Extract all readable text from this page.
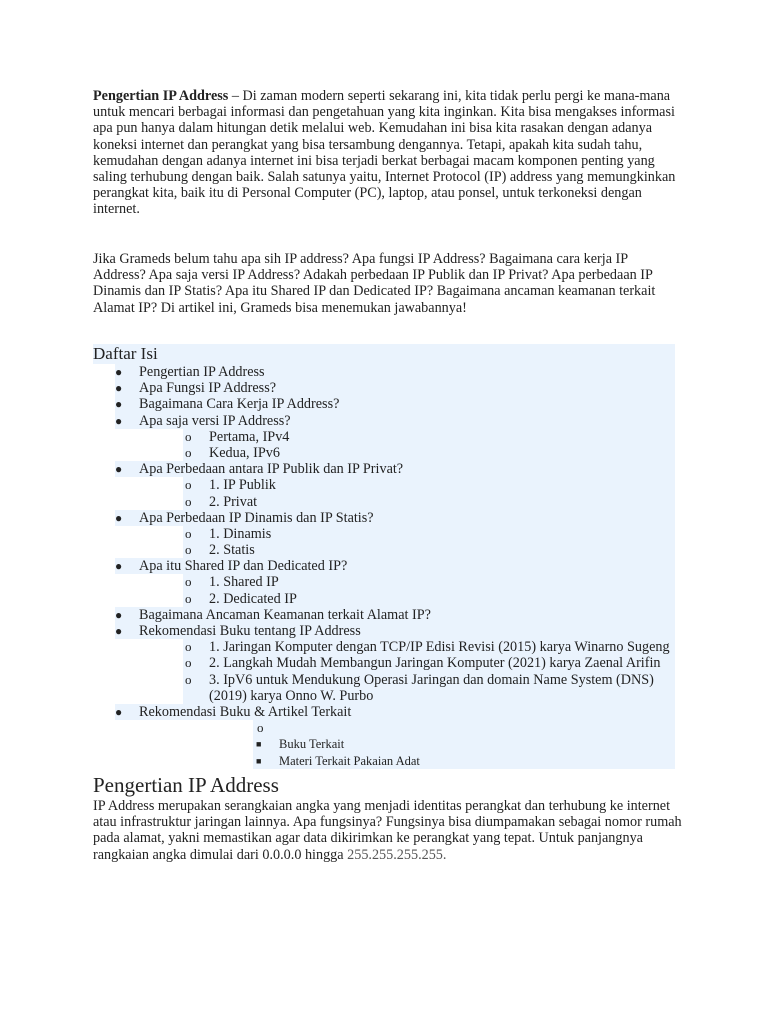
Pengertian IP Address – Di zaman modern seperti sekarang ini, kita tidak perlu pergi ke mana-mana untuk mencari berbagai informasi dan pengetahuan yang kita inginkan. Kita bisa mengakses informasi apa pun hanya dalam hitungan detik melalui web. Kemudahan ini bisa kita rasakan dengan adanya koneksi internet dan perangkat yang bisa tersambung dengannya. Tetapi, apakah kita sudah tahu, kemudahan dengan adanya internet ini bisa terjadi berkat berbagai macam komponen penting yang saling terhubung dengan baik. Salah satunya yaitu, Internet Protocol (IP) address yang memungkinkan perangkat kita, baik itu di Personal Computer (PC), laptop, atau ponsel, untuk terkoneksi dengan internet.

Jika Grameds belum tahu apa sih IP address? Apa fungsi IP Address? Bagaimana cara kerja IP Address? Apa saja versi IP Address? Adakah perbedaan IP Publik dan IP Privat? Apa perbedaan IP Dinamis dan IP Statis? Apa itu Shared IP dan Dedicated IP? Bagaimana ancaman keamanan terkait Alamat IP? Di artikel ini, Grameds bisa menemukan jawabannya!

Daftar Isi
● Pengertian IP Address
● Apa Fungsi IP Address?
● Bagaimana Cara Kerja IP Address?
● Apa saja versi IP Address?
o Pertama, IPv4
o Kedua, IPv6
● Apa Perbedaan antara IP Publik dan IP Privat?
o 1. IP Publik
o 2. Privat
● Apa Perbedaan IP Dinamis dan IP Statis?
o 1. Dinamis
o 2. Statis
● Apa itu Shared IP dan Dedicated IP?
o 1. Shared IP
o 2. Dedicated IP
● Bagaimana Ancaman Keamanan terkait Alamat IP?
● Rekomendasi Buku tentang IP Address
o 1. Jaringan Komputer dengan TCP/IP Edisi Revisi (2015) karya Winarno Sugeng
o 2. Langkah Mudah Membangun Jaringan Komputer (2021) karya Zaenal Arifin
o 3. IpV6 untuk Mendukung Operasi Jaringan dan domain Name System (DNS) (2019) karya Onno W. Purbo
● Rekomendasi Buku & Artikel Terkait
o
■ Buku Terkait
■ Materi Terkait Pakaian Adat
Pengertian IP Address

IP Address merupakan serangkaian angka yang menjadi identitas perangkat dan terhubung ke internet atau infrastruktur jaringan lainnya. Apa fungsinya? Fungsinya bisa diumpamakan sebagai nomor rumah pada alamat, yakni memastikan agar data dikirimkan ke perangkat yang tepat. Untuk panjangnya rangkaian angka dimulai dari 0.0.0.0 hingga 255.255.255.255.
